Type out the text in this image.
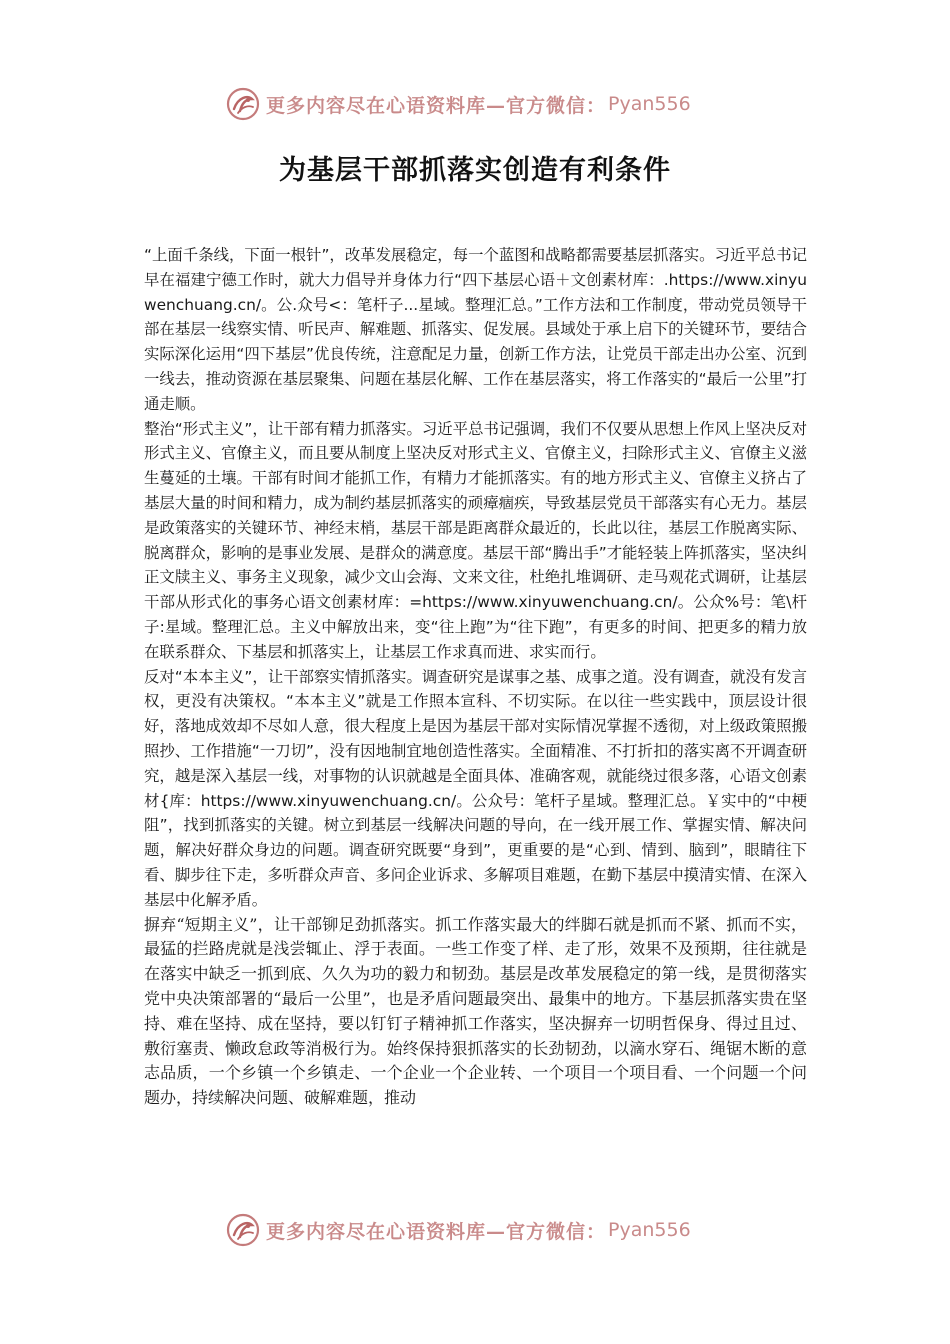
更多内容尽在心语资料库—官方微信： Pyan556
为基层干部抓落实创造有利条件

“上面千条线，下面一根针”，改革发展稳定，每一个蓝图和战略都需要基层抓落实。习近平总书记早在福建宁德工作时，就大力倡导并身体力行“四下基层心语＋文创素材库：.https://www.xinyuwenchuang.cn/。公.众号<：笔杆子...星域。整理汇总。”工作方法和工作制度，带动党员领导干部在基层一线察实情、听民声、解难题、抓落实、促发展。县域处于承上启下的关键环节，要结合实际深化运用“四下基层”优良传统，注意配足力量，创新工作方法，让党员干部走出办公室、沉到一线去，推动资源在基层聚集、问题在基层化解、工作在基层落实，将工作落实的“最后一公里”打通走顺。

整治“形式主义”，让干部有精力抓落实。习近平总书记强调，我们不仅要从思想上作风上坚决反对形式主义、官僚主义，而且要从制度上坚决反对形式主义、官僚主义，扫除形式主义、官僚主义滋生蔓延的土壤。干部有时间才能抓工作，有精力才能抓落实。有的地方形式主义、官僚主义挤占了基层大量的时间和精力，成为制约基层抓落实的顽瘴痼疾，导致基层党员干部落实有心无力。基层是政策落实的关键环节、神经末梢，基层干部是距离群众最近的，长此以往，基层工作脱离实际、脱离群众，影响的是事业发展、是群众的满意度。基层干部“腾出手”才能轻装上阵抓落实，坚决纠正文牍主义、事务主义现象，减少文山会海、文来文往，杜绝扎堆调研、走马观花式调研，让基层干部从形式化的事务心语文创素材库：=https://www.xinyuwenchuang.cn/。公众%号：笔\杆子:星域。整理汇总。主义中解放出来，变“往上跑”为“往下跑”，有更多的时间、把更多的精力放在联系群众、下基层和抓落实上，让基层工作求真而进、求实而行。

反对“本本主义”，让干部察实情抓落实。调查研究是谋事之基、成事之道。没有调查，就没有发言权，更没有决策权。“本本主义”就是工作照本宣科、不切实际。在以往一些实践中，顶层设计很好，落地成效却不尽如人意，很大程度上是因为基层干部对实际情况掌握不透彻，对上级政策照搬照抄、工作措施“一刀切”，没有因地制宜地创造性落实。全面精准、不打折扣的落实离不开调查研究，越是深入基层一线，对事物的认识就越是全面具体、准确客观，就能绕过很多落，心语文创素材{库：https://www.xinyuwenchuang.cn/。公众号：笔杆子星域。整理汇总。￥实中的“中梗阻”，找到抓落实的关键。树立到基层一线解决问题的导向，在一线开展工作、掌握实情、解决问题，解决好群众身边的问题。调查研究既要“身到”，更重要的是“心到、情到、脑到”，眼睛往下看、脚步往下走，多听群众声音、多问企业诉求、多解项目难题，在勤下基层中摸清实情、在深入基层中化解矛盾。

摒弃“短期主义”，让干部铆足劲抓落实。抓工作落实最大的绊脚石就是抓而不紧、抓而不实，最猛的拦路虎就是浅尝辄止、浮于表面。一些工作变了样、走了形，效果不及预期，往往就是在落实中缺乏一抓到底、久久为功的毅力和韧劲。基层是改革发展稳定的第一线，是贯彻落实党中央决策部署的“最后一公里”，也是矛盾问题最突出、最集中的地方。下基层抓落实贵在坚持、难在坚持、成在坚持，要以钉钉子精神抓工作落实，坚决摒弃一切明哲保身、得过且过、敷衍塞责、懒政怠政等消极行为。始终保持狠抓落实的长劲韧劲，以滴水穿石、绳锯木断的意志品质，一个乡镇一个乡镇走、一个企业一个企业转、一个项目一个项目看、一个问题一个问题办，持续解决问题、破解难题，推动

更多内容尽在心语资料库—官方微信： Pyan556
